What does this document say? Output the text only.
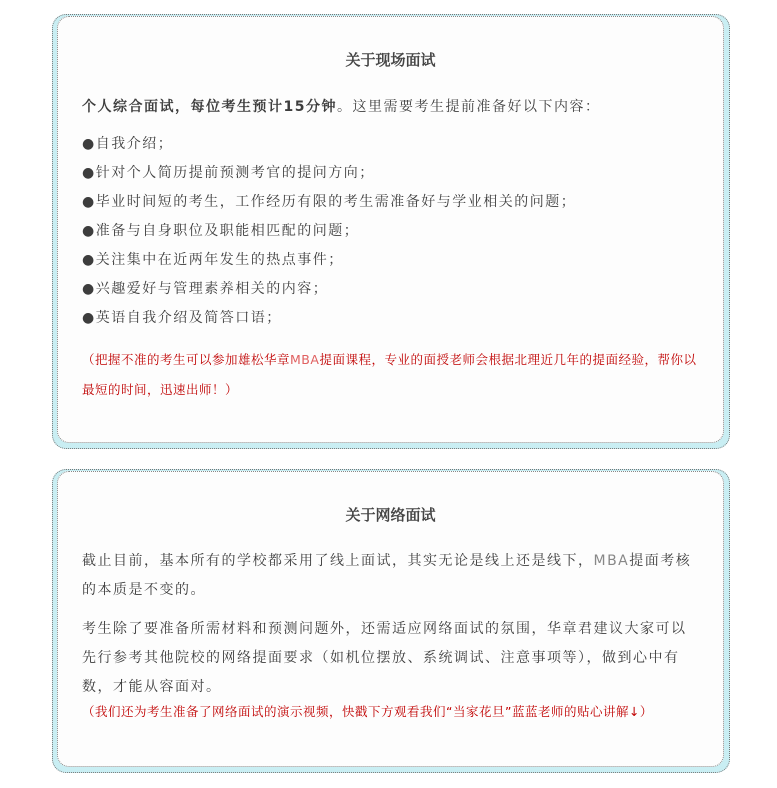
关于现场面试

个人综合面试，每位考生预计15分钟。这里需要考生提前准备好以下内容：

●自我介绍；
●针对个人简历提前预测考官的提问方向；
●毕业时间短的考生，工作经历有限的考生需准备好与学业相关的问题；
●准备与自身职位及职能相匹配的问题；
●关注集中在近两年发生的热点事件；
●兴趣爱好与管理素养相关的内容；
●英语自我介绍及简答口语；

（把握不准的考生可以参加雄松华章MBA提面课程，专业的面授老师会根据北理近几年的提面经验，帮你以最短的时间，迅速出师！）

关于网络面试

截止目前，基本所有的学校都采用了线上面试，其实无论是线上还是线下，MBA提面考核的本质是不变的。

考生除了要准备所需材料和预测问题外，还需适应网络面试的氛围，华章君建议大家可以先行参考其他院校的网络提面要求（如机位摆放、系统调试、注意事项等），做到心中有数，才能从容面对。

（我们还为考生准备了网络面试的演示视频，快戳下方观看我们“当家花旦”蓝蓝老师的贴心讲解↓）
